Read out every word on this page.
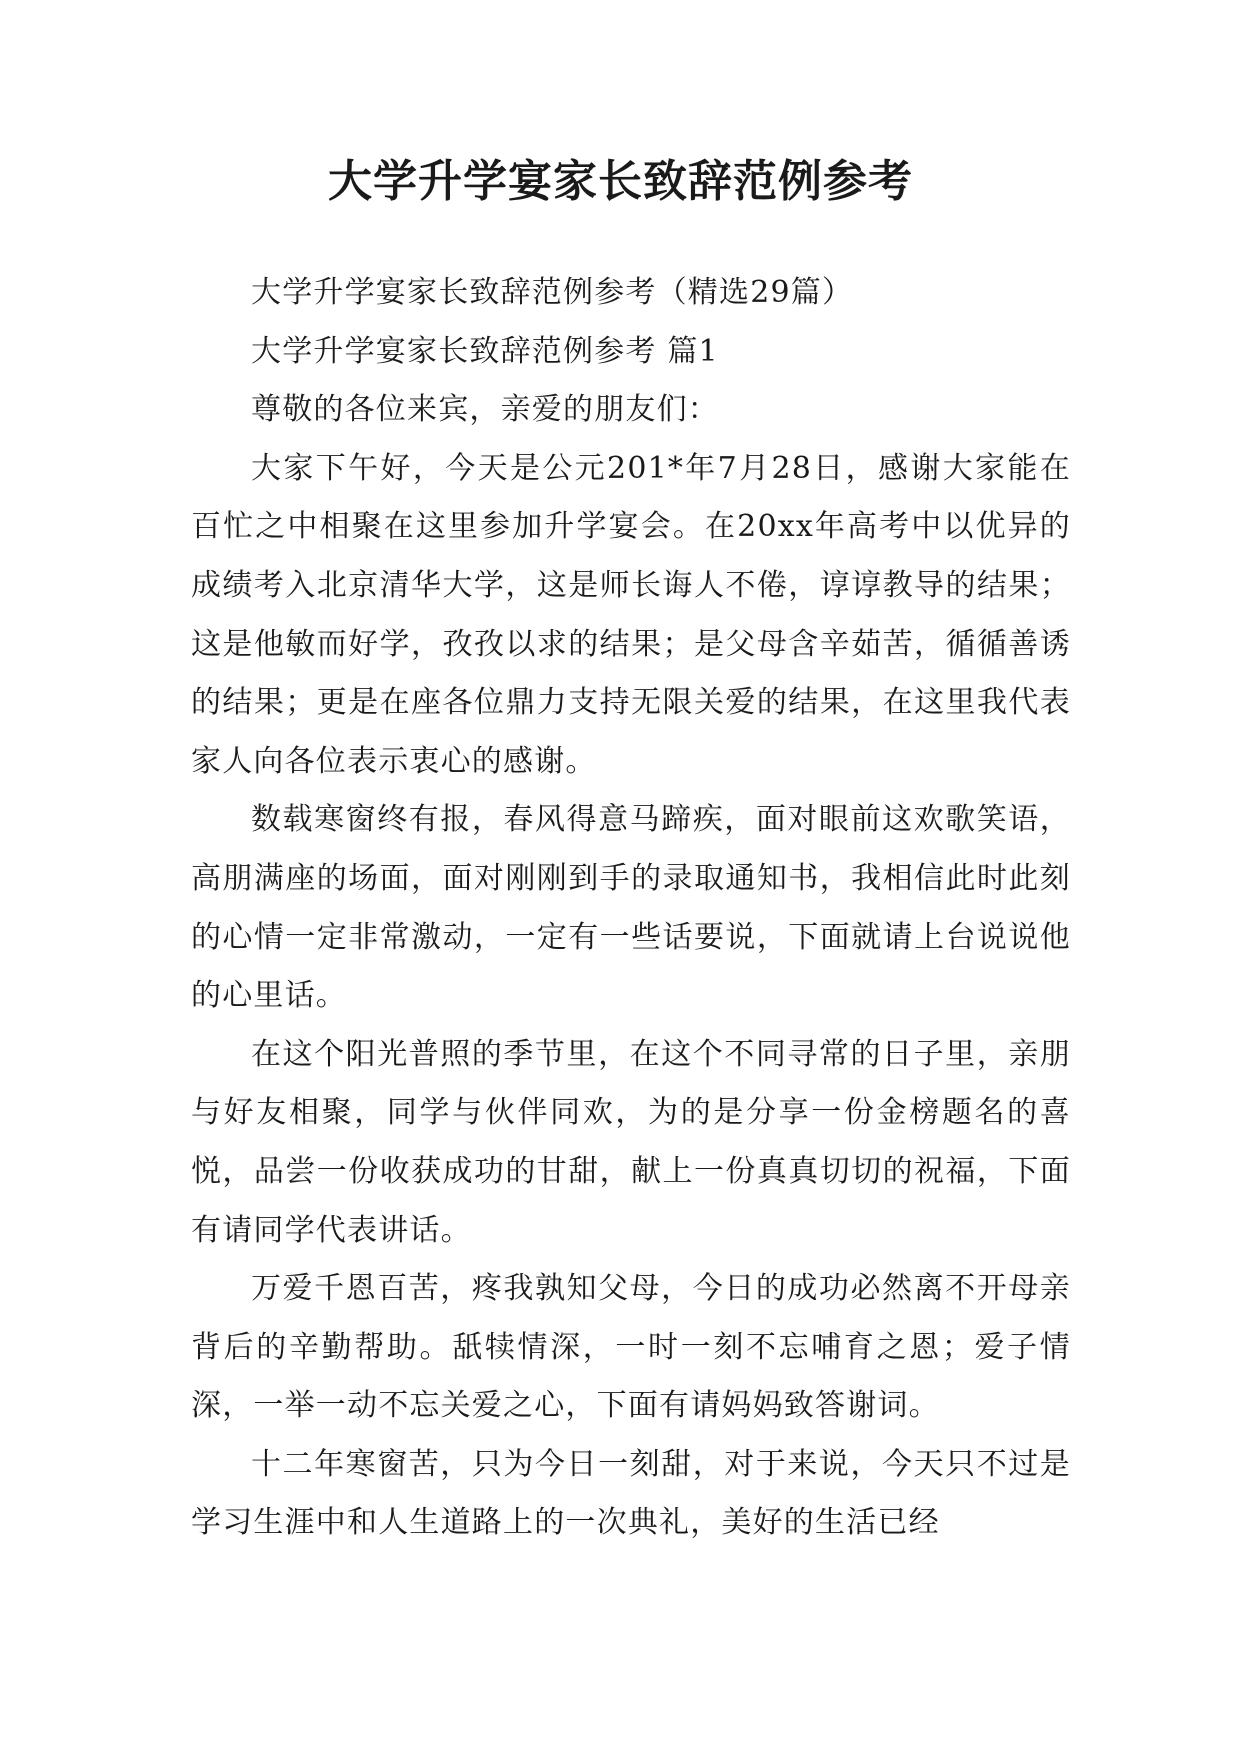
大学升学宴家长致辞范例参考

大学升学宴家长致辞范例参考（精选29篇）

大学升学宴家长致辞范例参考 篇1

尊敬的各位来宾，亲爱的朋友们：

大家下午好，今天是公元201*年7月28日，感谢大家能在百忙之中相聚在这里参加升学宴会。在20xx年高考中以优异的成绩考入北京清华大学，这是师长诲人不倦，谆谆教导的结果；这是他敏而好学，孜孜以求的结果；是父母含辛茹苦，循循善诱的结果；更是在座各位鼎力支持无限关爱的结果，在这里我代表家人向各位表示衷心的感谢。

数载寒窗终有报，春风得意马蹄疾，面对眼前这欢歌笑语，高朋满座的场面，面对刚刚到手的录取通知书，我相信此时此刻的心情一定非常激动，一定有一些话要说，下面就请上台说说他的心里话。

在这个阳光普照的季节里，在这个不同寻常的日子里，亲朋与好友相聚，同学与伙伴同欢，为的是分享一份金榜题名的喜悦，品尝一份收获成功的甘甜，献上一份真真切切的祝福，下面有请同学代表讲话。

万爱千恩百苦，疼我孰知父母，今日的成功必然离不开母亲背后的辛勤帮助。舐犊情深，一时一刻不忘哺育之恩；爱子情深，一举一动不忘关爱之心，下面有请妈妈致答谢词。

十二年寒窗苦，只为今日一刻甜，对于来说，今天只不过是学习生涯中和人生道路上的一次典礼，美好的生活已经
